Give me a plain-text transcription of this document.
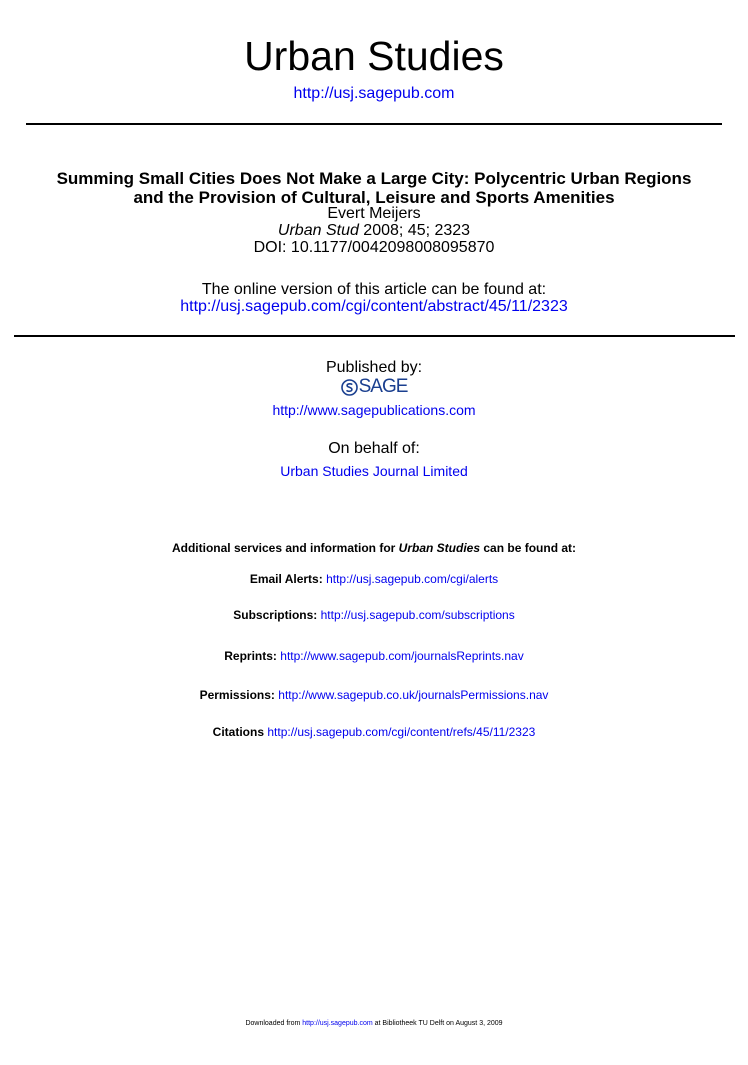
Urban Studies
http://usj.sagepub.com
Summing Small Cities Does Not Make a Large City: Polycentric Urban Regions
and the Provision of Cultural, Leisure and Sports Amenities
Evert Meijers
Urban Stud 2008; 45; 2323
DOI: 10.1177/0042098008095870
The online version of this article can be found at:
http://usj.sagepub.com/cgi/content/abstract/45/11/2323
Published by:
SAGE
http://www.sagepublications.com
On behalf of:
Urban Studies Journal Limited
Additional services and information for Urban Studies can be found at:
Email Alerts: http://usj.sagepub.com/cgi/alerts
Subscriptions: http://usj.sagepub.com/subscriptions
Reprints: http://www.sagepub.com/journalsReprints.nav
Permissions: http://www.sagepub.co.uk/journalsPermissions.nav
Citations http://usj.sagepub.com/cgi/content/refs/45/11/2323
Downloaded from http://usj.sagepub.com at Bibliotheek TU Delft on August 3, 2009
